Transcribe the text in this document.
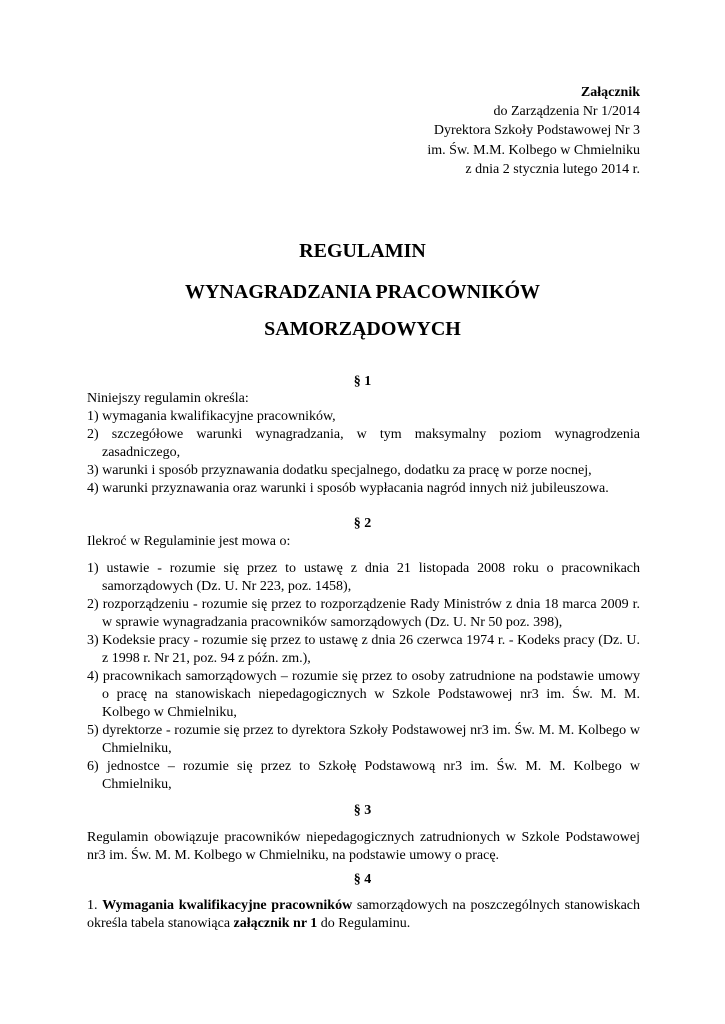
Załącznik
do Zarządzenia Nr 1/2014
Dyrektora Szkoły Podstawowej Nr 3
im. Św. M.M. Kolbego w Chmielniku
z dnia 2 stycznia lutego 2014 r.
REGULAMIN
WYNAGRADZANIA PRACOWNIKÓW
SAMORZĄDOWYCH
§ 1

Niniejszy regulamin określa:

1) wymagania kwalifikacyjne pracowników,
2) szczegółowe warunki wynagradzania, w tym maksymalny poziom wynagrodzenia zasadniczego,
3) warunki i sposób przyznawania dodatku specjalnego, dodatku za pracę w porze nocnej,
4) warunki przyznawania oraz warunki i sposób wypłacania nagród innych niż jubileuszowa.
§ 2
Ilekroć w Regulaminie jest mowa o:
1) ustawie - rozumie się przez to ustawę z dnia 21 listopada 2008 roku o pracownikach samorządowych (Dz. U. Nr 223, poz. 1458),
2) rozporządzeniu - rozumie się przez to rozporządzenie Rady Ministrów z dnia 18 marca 2009 r. w sprawie wynagradzania pracowników samorządowych (Dz. U. Nr 50 poz. 398),
3) Kodeksie pracy - rozumie się przez to ustawę z dnia 26 czerwca 1974 r. - Kodeks pracy (Dz. U. z 1998 r. Nr 21, poz. 94 z późn. zm.),
4) pracownikach samorządowych – rozumie się przez to osoby zatrudnione na podstawie umowy o pracę na stanowiskach niepedagogicznych w Szkole Podstawowej nr3 im. Św. M. M. Kolbego w Chmielniku,
5) dyrektorze - rozumie się przez to dyrektora Szkoły Podstawowej nr3 im. Św. M. M. Kolbego w Chmielniku,
6) jednostce – rozumie się przez to Szkołę Podstawową nr3 im. Św. M. M. Kolbego w Chmielniku,
§ 3
Regulamin obowiązuje pracowników niepedagogicznych zatrudnionych w Szkole Podstawowej nr3 im. Św. M. M. Kolbego w Chmielniku, na podstawie umowy o pracę.
§ 4
1. Wymagania kwalifikacyjne pracowników samorządowych na poszczególnych stanowiskach określa tabela stanowiąca załącznik nr 1 do Regulaminu.
